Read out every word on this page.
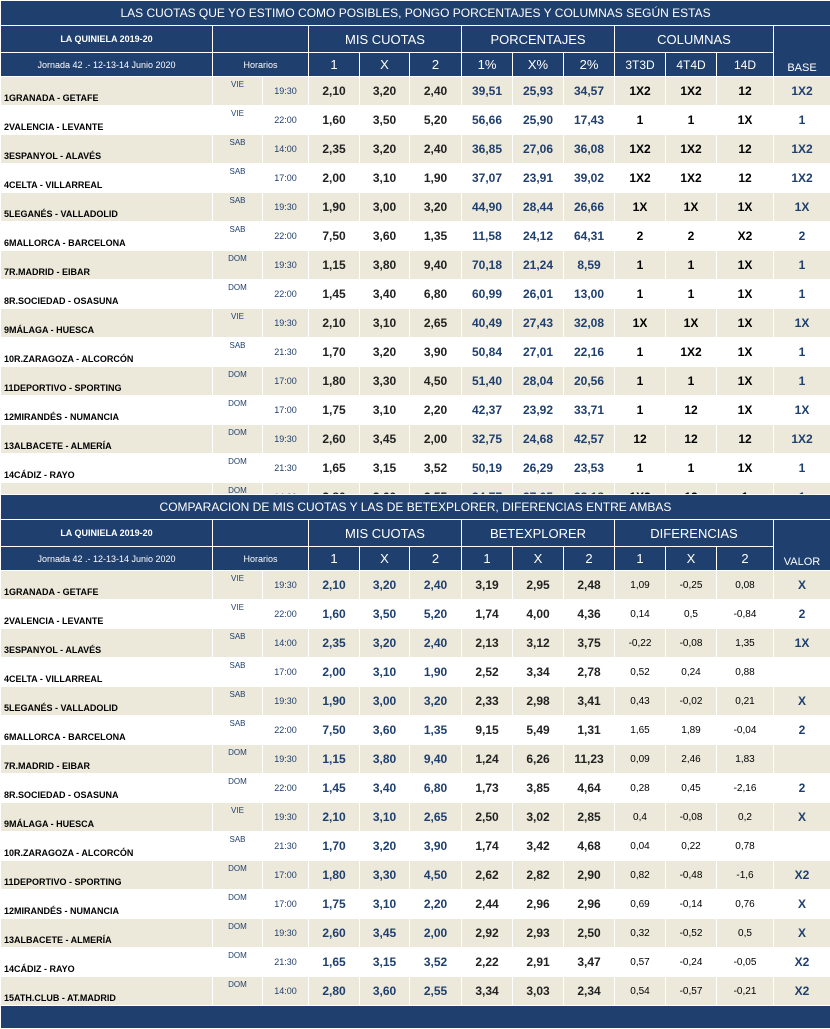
LAS CUOTAS QUE YO ESTIMO COMO POSIBLES, PONGO PORCENTAJES Y COLUMNAS SEGÚN ESTAS												
LA QUINIELA 2019-20			MIS CUOTAS			PORCENTAJES			COLUMNAS			BASE
Jornada 42 .- 12-13-14 Junio 2020	Horarios		1	X	2	1%	X%	2%	3T3D	4T4D	14D	
1GRANADA - GETAFE	VIE	19:30	2,10	3,20	2,40	39,51	25,93	34,57	1X2	1X2	12	1X2
2VALENCIA - LEVANTE	VIE	22:00	1,60	3,50	5,20	56,66	25,90	17,43	1	1	1X	1
3ESPANYOL - ALAVÉS	SAB	14:00	2,35	3,20	2,40	36,85	27,06	36,08	1X2	1X2	12	1X2
4CELTA - VILLARREAL	SAB	17:00	2,00	3,10	1,90	37,07	23,91	39,02	1X2	1X2	12	1X2
5LEGANÉS - VALLADOLID	SAB	19:30	1,90	3,00	3,20	44,90	28,44	26,66	1X	1X	1X	1X
6MALLORCA - BARCELONA	SAB	22:00	7,50	3,60	1,35	11,58	24,12	64,31	2	2	X2	2
7R.MADRID - EIBAR	DOM	19:30	1,15	3,80	9,40	70,18	21,24	8,59	1	1	1X	1
8R.SOCIEDAD - OSASUNA	DOM	22:00	1,45	3,40	6,80	60,99	26,01	13,00	1	1	1X	1
9MÁLAGA - HUESCA	VIE	19:30	2,10	3,10	2,65	40,49	27,43	32,08	1X	1X	1X	1X
10R.ZARAGOZA - ALCORCÓN	SAB	21:30	1,70	3,20	3,90	50,84	27,01	22,16	1	1X2	1X	1
11DEPORTIVO - SPORTING	DOM	17:00	1,80	3,30	4,50	51,40	28,04	20,56	1	1	1X	1
12MIRANDÉS - NUMANCIA	DOM	17:00	1,75	3,10	2,20	42,37	23,92	33,71	1	12	1X	1X
13ALBACETE - ALMERÍA	DOM	19:30	2,60	3,45	2,00	32,75	24,68	42,57	12	12	12	1X2
14CÁDIZ - RAYO	DOM	21:30	1,65	3,15	3,52	50,19	26,29	23,53	1	1	1X	1
	DOM											

COMPARACION DE MIS CUOTAS Y LAS DE BETEXPLORER, DIFERENCIAS ENTRE AMBAS												
LA QUINIELA 2019-20			MIS CUOTAS			BETEXPLORER			DIFERENCIAS			VALOR
Jornada 42 .- 12-13-14 Junio 2020	Horarios		1	X	2	1	X	2	1	X	2	
1GRANADA - GETAFE	VIE	19:30	2,10	3,20	2,40	3,19	2,95	2,48	1,09	-0,25	0,08	X
2VALENCIA - LEVANTE	VIE	22:00	1,60	3,50	5,20	1,74	4,00	4,36	0,14	0,5	-0,84	2
3ESPANYOL - ALAVÉS	SAB	14:00	2,35	3,20	2,40	2,13	3,12	3,75	-0,22	-0,08	1,35	1X
4CELTA - VILLARREAL	SAB	17:00	2,00	3,10	1,90	2,52	3,34	2,78	0,52	0,24	0,88	
5LEGANÉS - VALLADOLID	SAB	19:30	1,90	3,00	3,20	2,33	2,98	3,41	0,43	-0,02	0,21	X
6MALLORCA - BARCELONA	SAB	22:00	7,50	3,60	1,35	9,15	5,49	1,31	1,65	1,89	-0,04	2
7R.MADRID - EIBAR	DOM	19:30	1,15	3,80	9,40	1,24	6,26	11,23	0,09	2,46	1,83	
8R.SOCIEDAD - OSASUNA	DOM	22:00	1,45	3,40	6,80	1,73	3,85	4,64	0,28	0,45	-2,16	2
9MÁLAGA - HUESCA	VIE	19:30	2,10	3,10	2,65	2,50	3,02	2,85	0,4	-0,08	0,2	X
10R.ZARAGOZA - ALCORCÓN	SAB	21:30	1,70	3,20	3,90	1,74	3,42	4,68	0,04	0,22	0,78	
11DEPORTIVO - SPORTING	DOM	17:00	1,80	3,30	4,50	2,62	2,82	2,90	0,82	-0,48	-1,6	X2
12MIRANDÉS - NUMANCIA	DOM	17:00	1,75	3,10	2,20	2,44	2,96	2,96	0,69	-0,14	0,76	X
13ALBACETE - ALMERÍA	DOM	19:30	2,60	3,45	2,00	2,92	2,93	2,50	0,32	-0,52	0,5	X
14CÁDIZ - RAYO	DOM	21:30	1,65	3,15	3,52	2,22	2,91	3,47	0,57	-0,24	-0,05	X2
15ATH.CLUB - AT.MADRID	DOM	14:00	2,80	3,60	2,55	3,34	3,03	2,34	0,54	-0,57	-0,21	X2
